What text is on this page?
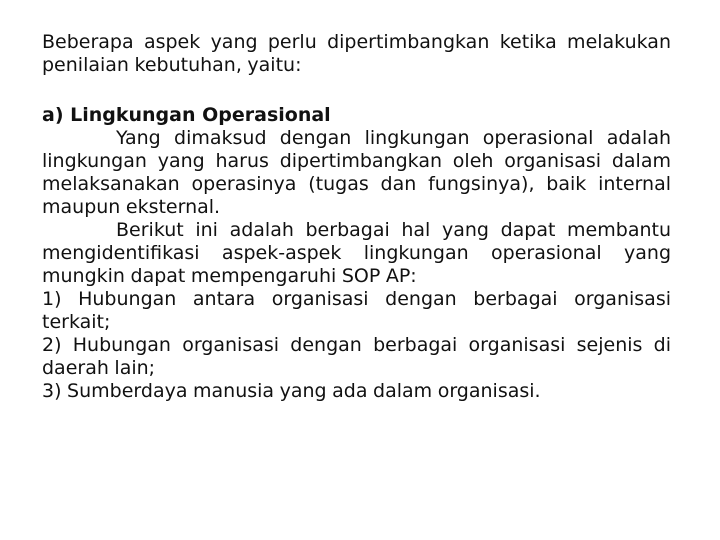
Beberapa aspek yang perlu dipertimbangkan ketika melakukan penilaian kebutuhan, yaitu:

a) Lingkungan Operasional

Yang dimaksud dengan lingkungan operasional adalah lingkungan yang harus dipertimbangkan oleh organisasi dalam melaksanakan operasinya (tugas dan fungsinya), baik internal maupun eksternal.

Berikut ini adalah berbagai hal yang dapat membantu mengidentifikasi aspek-aspek lingkungan operasional yang mungkin dapat mempengaruhi SOP AP:

1) Hubungan antara organisasi dengan berbagai organisasi terkait;
2) Hubungan organisasi dengan berbagai organisasi sejenis di daerah lain;
3) Sumberdaya manusia yang ada dalam organisasi.
